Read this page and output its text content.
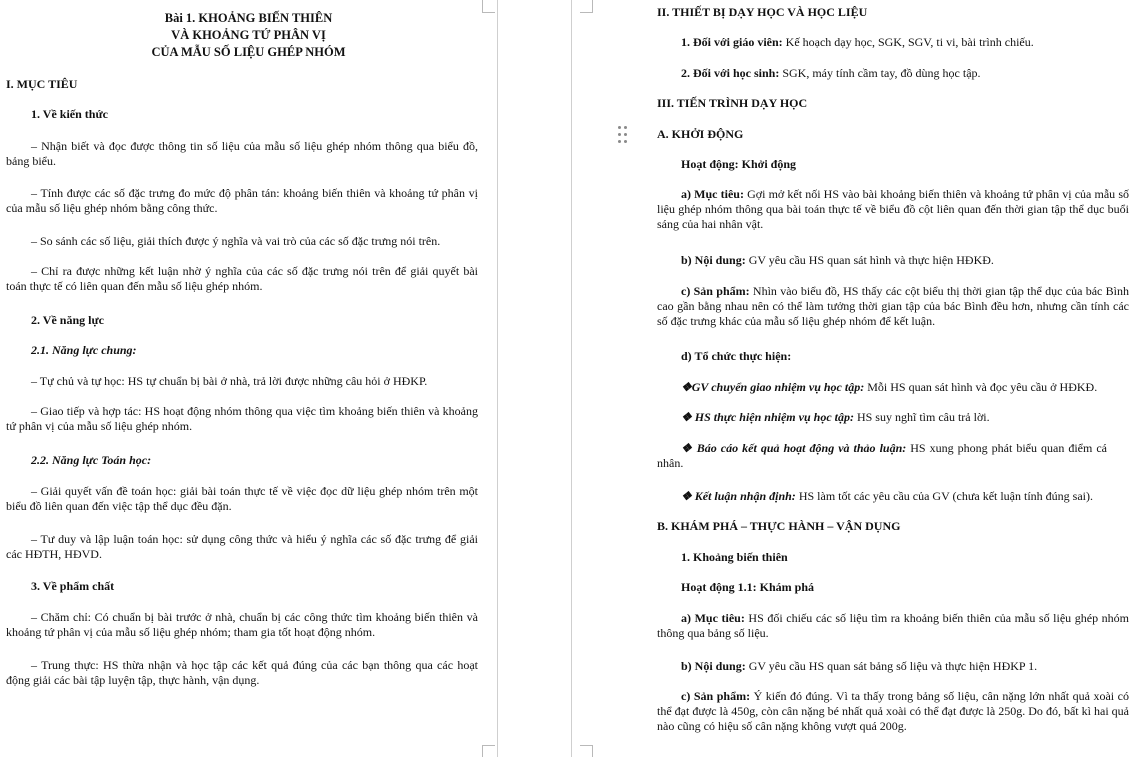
Bài 1. KHOẢNG BIẾN THIÊN
VÀ KHOẢNG TỨ PHÂN VỊ
CỦA MẪU SỐ LIỆU GHÉP NHÓM

I. MỤC TIÊU

1. Về kiến thức

– Nhận biết và đọc được thông tin số liệu của mẫu số liệu ghép nhóm thông qua biểu đồ, bảng biểu.

– Tính được các số đặc trưng đo mức độ phân tán: khoảng biến thiên và khoảng tứ phân vị của mẫu số liệu ghép nhóm bằng công thức.

– So sánh các số liệu, giải thích được ý nghĩa và vai trò của các số đặc trưng nói trên.

– Chỉ ra được những kết luận nhờ ý nghĩa của các số đặc trưng nói trên để giải quyết bài toán thực tế có liên quan đến mẫu số liệu ghép nhóm.

2. Về năng lực

2.1. Năng lực chung:

– Tự chủ và tự học: HS tự chuẩn bị bài ở nhà, trả lời được những câu hỏi ở HĐKP.

– Giao tiếp và hợp tác: HS hoạt động nhóm thông qua việc tìm khoảng biến thiên và khoảng tứ phân vị của mẫu số liệu ghép nhóm.

2.2. Năng lực Toán học:

– Giải quyết vấn đề toán học: giải bài toán thực tế về việc đọc dữ liệu ghép nhóm trên một biểu đồ liên quan đến việc tập thể dục đều đặn.

– Tư duy và lập luận toán học: sử dụng công thức và hiểu ý nghĩa các số đặc trưng để giải các HĐTH, HĐVD.

3. Về phẩm chất

– Chăm chỉ: Có chuẩn bị bài trước ở nhà, chuẩn bị các công thức tìm khoảng biến thiên và khoảng tứ phân vị của mẫu số liệu ghép nhóm; tham gia tốt hoạt động nhóm.

– Trung thực: HS thừa nhận và học tập các kết quả đúng của các bạn thông qua các hoạt động giải các bài tập luyện tập, thực hành, vận dụng.

II. THIẾT BỊ DẠY HỌC VÀ HỌC LIỆU

1. Đối với giáo viên: Kế hoạch dạy học, SGK, SGV, ti vi, bài trình chiếu.

2. Đối với học sinh: SGK, máy tính cầm tay, đồ dùng học tập.

III. TIẾN TRÌNH DẠY HỌC

A. KHỞI ĐỘNG

Hoạt động: Khởi động

a) Mục tiêu: Gợi mở kết nối HS vào bài khoảng biến thiên và khoảng tứ phân vị của mẫu số liệu ghép nhóm thông qua bài toán thực tế về biểu đồ cột liên quan đến thời gian tập thể dục buổi sáng của hai nhân vật.

b) Nội dung: GV yêu cầu HS quan sát hình và thực hiện HĐKĐ.

c) Sản phẩm: Nhìn vào biểu đồ, HS thấy các cột biểu thị thời gian tập thể dục của bác Bình cao gần bằng nhau nên có thể làm tưởng thời gian tập của bác Bình đều hơn, nhưng cần tính các số đặc trưng khác của mẫu số liệu ghép nhóm để kết luận.

d) Tổ chức thực hiện:

❖GV chuyển giao nhiệm vụ học tập: Mỗi HS quan sát hình và đọc yêu cầu ở HĐKĐ.

❖ HS thực hiện nhiệm vụ học tập: HS suy nghĩ tìm câu trả lời.

❖ Báo cáo kết quả hoạt động và thảo luận: HS xung phong phát biểu quan điểm cá nhân.

❖ Kết luận nhận định: HS làm tốt các yêu cầu của GV (chưa kết luận tính đúng sai).

B. KHÁM PHÁ – THỰC HÀNH – VẬN DỤNG

1. Khoảng biến thiên

Hoạt động 1.1: Khám phá

a) Mục tiêu: HS đối chiếu các số liệu tìm ra khoảng biến thiên của mẫu số liệu ghép nhóm thông qua bảng số liệu.

b) Nội dung: GV yêu cầu HS quan sát bảng số liệu và thực hiện HĐKP 1.

c) Sản phẩm: Ý kiến đó đúng. Vì ta thấy trong bảng số liệu, cân nặng lớn nhất quả xoài có thể đạt được là 450g, còn cân nặng bé nhất quả xoài có thể đạt được là 250g. Do đó, bất kì hai quả nào cũng có hiệu số cân nặng không vượt quá 200g.
